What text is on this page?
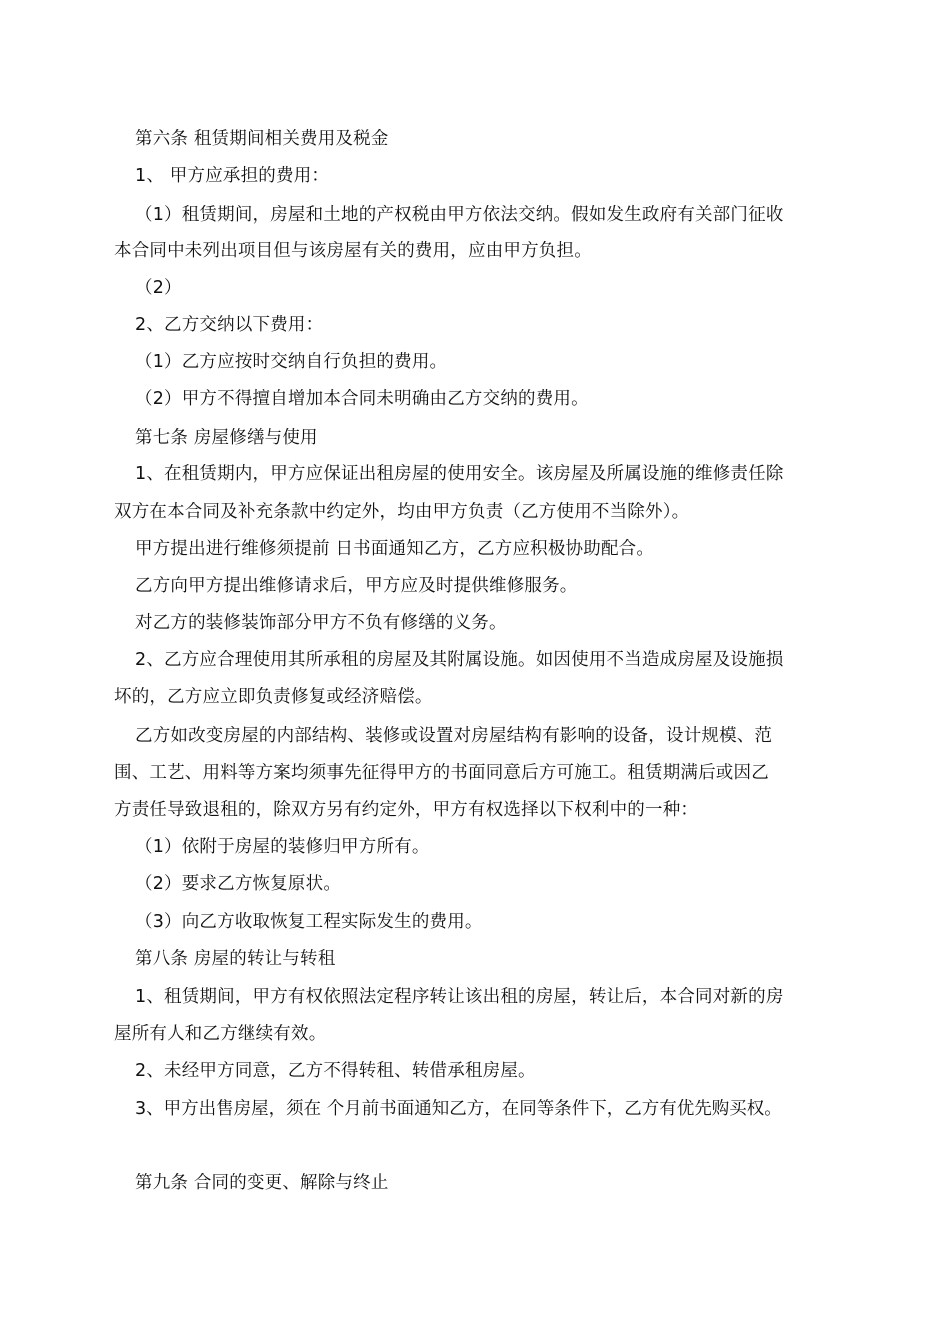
第六条 租赁期间相关费用及税金
1、 甲方应承担的费用：
（1）租赁期间，房屋和土地的产权税由甲方依法交纳。假如发生政府有关部门征收
本合同中未列出项目但与该房屋有关的费用，应由甲方负担。
（2）
2、乙方交纳以下费用：
（1）乙方应按时交纳自行负担的费用。
（2）甲方不得擅自增加本合同未明确由乙方交纳的费用。
第七条 房屋修缮与使用
1、在租赁期内，甲方应保证出租房屋的使用安全。该房屋及所属设施的维修责任除
双方在本合同及补充条款中约定外，均由甲方负责（乙方使用不当除外）。
甲方提出进行维修须提前 日书面通知乙方，乙方应积极协助配合。
乙方向甲方提出维修请求后，甲方应及时提供维修服务。
对乙方的装修装饰部分甲方不负有修缮的义务。
2、乙方应合理使用其所承租的房屋及其附属设施。如因使用不当造成房屋及设施损
坏的，乙方应立即负责修复或经济赔偿。
乙方如改变房屋的内部结构、装修或设置对房屋结构有影响的设备，设计规模、范
围、工艺、用料等方案均须事先征得甲方的书面同意后方可施工。租赁期满后或因乙
方责任导致退租的，除双方另有约定外，甲方有权选择以下权利中的一种：
（1）依附于房屋的装修归甲方所有。
（2）要求乙方恢复原状。
（3）向乙方收取恢复工程实际发生的费用。
第八条 房屋的转让与转租
1、租赁期间，甲方有权依照法定程序转让该出租的房屋，转让后，本合同对新的房
屋所有人和乙方继续有效。
2、未经甲方同意，乙方不得转租、转借承租房屋。
3、甲方出售房屋，须在 个月前书面通知乙方，在同等条件下，乙方有优先购买权。
第九条 合同的变更、解除与终止
